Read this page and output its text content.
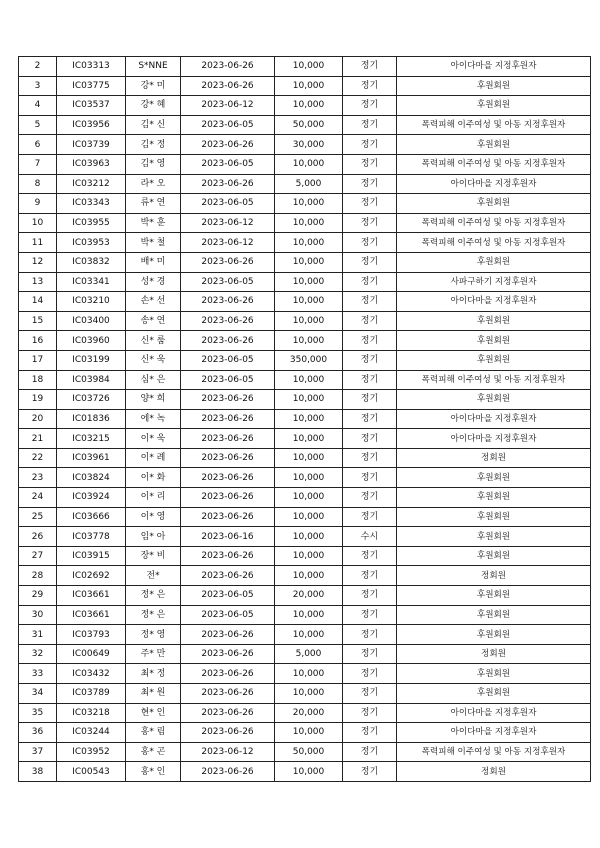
2	IC03313	S*NNE	2023-06-26	10,000	정기	아이다마을 지정후원자
3	IC03775	강* 미	2023-06-26	10,000	정기	후원회원
4	IC03537	강* 혜	2023-06-12	10,000	정기	후원회원
5	IC03956	김* 신	2023-06-05	50,000	정기	폭력피해 이주여성 및 아동 지정후원자
6	IC03739	김* 정	2023-06-26	30,000	정기	후원회원
7	IC03963	김* 영	2023-06-05	10,000	정기	폭력피해 이주여성 및 아동 지정후원자
8	IC03212	라* 오	2023-06-26	5,000	정기	아이다마을 지정후원자
9	IC03343	류* 연	2023-06-05	10,000	정기	후원회원
10	IC03955	박* 훈	2023-06-12	10,000	정기	폭력피해 이주여성 및 아동 지정후원자
11	IC03953	박* 철	2023-06-12	10,000	정기	폭력피해 이주여성 및 아동 지정후원자
12	IC03832	배* 미	2023-06-26	10,000	정기	후원회원
13	IC03341	성* 경	2023-06-05	10,000	정기	사파구하기 지정후원자
14	IC03210	손* 선	2023-06-26	10,000	정기	아이다마을 지정후원자
15	IC03400	송* 연	2023-06-26	10,000	정기	후원회원
16	IC03960	신* 룸	2023-06-26	10,000	정기	후원회원
17	IC03199	신* 욱	2023-06-05	350,000	정기	후원회원
18	IC03984	심* 은	2023-06-05	10,000	정기	폭력피해 이주여성 및 아동 지정후원자
19	IC03726	양* 희	2023-06-26	10,000	정기	후원회원
20	IC01836	에* 녹	2023-06-26	10,000	정기	아이다마을 지정후원자
21	IC03215	이* 욱	2023-06-26	10,000	정기	아이다마을 지정후원자
22	IC03961	이* 례	2023-06-26	10,000	정기	정회원
23	IC03824	이* 화	2023-06-26	10,000	정기	후원회원
24	IC03924	이* 리	2023-06-26	10,000	정기	후원회원
25	IC03666	이* 영	2023-06-26	10,000	정기	후원회원
26	IC03778	임* 아	2023-06-16	10,000	수시	후원회원
27	IC03915	장* 비	2023-06-26	10,000	정기	후원회원
28	IC02692	전*	2023-06-26	10,000	정기	정회원
29	IC03661	정* 은	2023-06-05	20,000	정기	후원회원
30	IC03661	정* 은	2023-06-05	10,000	정기	후원회원
31	IC03793	정* 영	2023-06-26	10,000	정기	후원회원
32	IC00649	주* 만	2023-06-26	5,000	정기	정회원
33	IC03432	최* 정	2023-06-26	10,000	정기	후원회원
34	IC03789	최* 원	2023-06-26	10,000	정기	후원회원
35	IC03218	현* 인	2023-06-26	20,000	정기	아이다마을 지정후원자
36	IC03244	홍* 림	2023-06-26	10,000	정기	아이다마을 지정후원자
37	IC03952	홍* 곤	2023-06-12	50,000	정기	폭력피해 이주여성 및 아동 지정후원자
38	IC00543	홍* 인	2023-06-26	10,000	정기	정회원
